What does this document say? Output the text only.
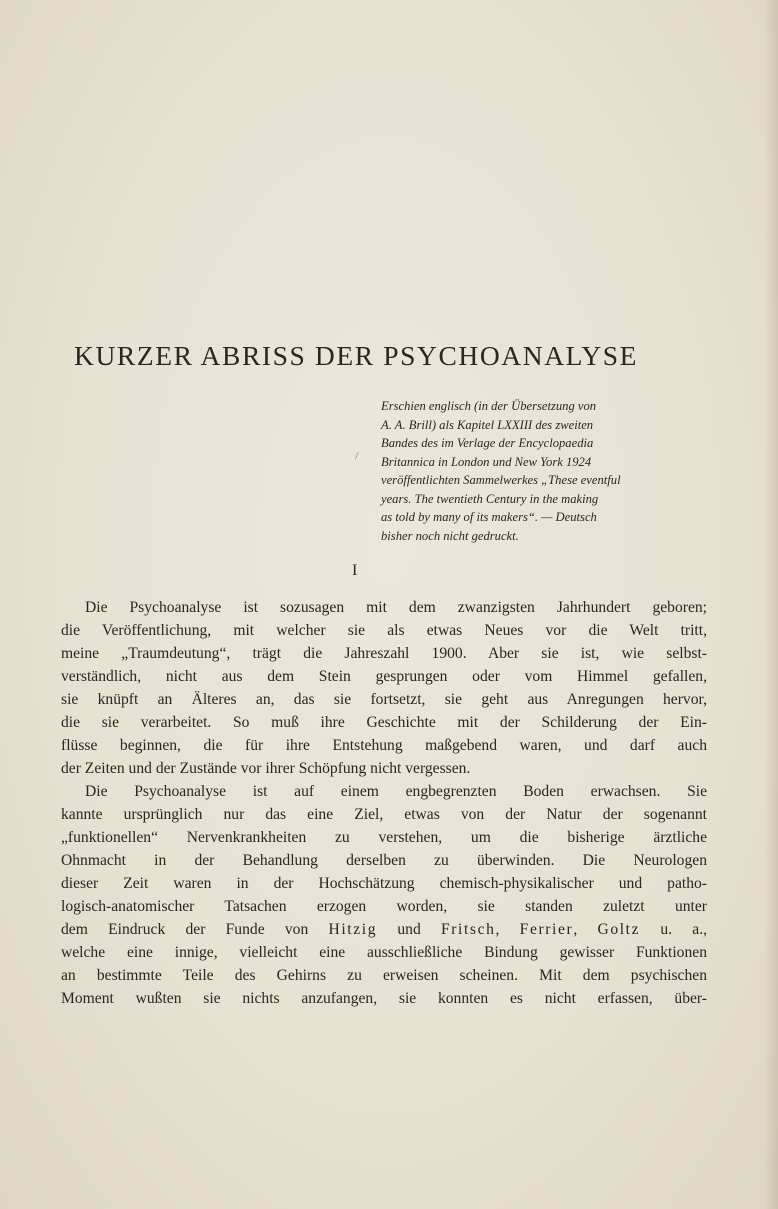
KURZER ABRISS DER PSYCHOANALYSE
\

Erschien englisch (in der Übersetzung von
A. A. Brill) als Kapitel LXXIII des zweiten
Bandes des im Verlage der Encyclopaedia
Britannica in London und New York 1924
veröffentlichten Sammelwerkes „These eventful
years. The twentieth Century in the making
as told by many of its makers“. — Deutsch
bisher noch nicht gedruckt.

I

Die Psychoanalyse ist sozusagen mit dem zwanzigsten Jahrhundert geboren;
die Veröffentlichung, mit welcher sie als etwas Neues vor die Welt tritt,
meine „Traumdeutung“, trägt die Jahreszahl 1900. Aber sie ist, wie selbst-
verständlich, nicht aus dem Stein gesprungen oder vom Himmel gefallen,
sie knüpft an Älteres an, das sie fortsetzt, sie geht aus Anregungen hervor,
die sie verarbeitet. So muß ihre Geschichte mit der Schilderung der Ein-
flüsse beginnen, die für ihre Entstehung maßgebend waren, und darf auch
der Zeiten und der Zustände vor ihrer Schöpfung nicht vergessen.
Die Psychoanalyse ist auf einem engbegrenzten Boden erwachsen. Sie
kannte ursprünglich nur das eine Ziel, etwas von der Natur der sogenannt
„funktionellen“ Nervenkrankheiten zu verstehen, um die bisherige ärztliche
Ohnmacht in der Behandlung derselben zu überwinden. Die Neurologen
dieser Zeit waren in der Hochschätzung chemisch-physikalischer und patho-
logisch-anatomischer Tatsachen erzogen worden, sie standen zuletzt unter
dem Eindruck der Funde von Hitzig und Fritsch, Ferrier, Goltz u. a.,
welche eine innige, vielleicht eine ausschließliche Bindung gewisser Funktionen
an bestimmte Teile des Gehirns zu erweisen scheinen. Mit dem psychischen
Moment wußten sie nichts anzufangen, sie konnten es nicht erfassen, über-
